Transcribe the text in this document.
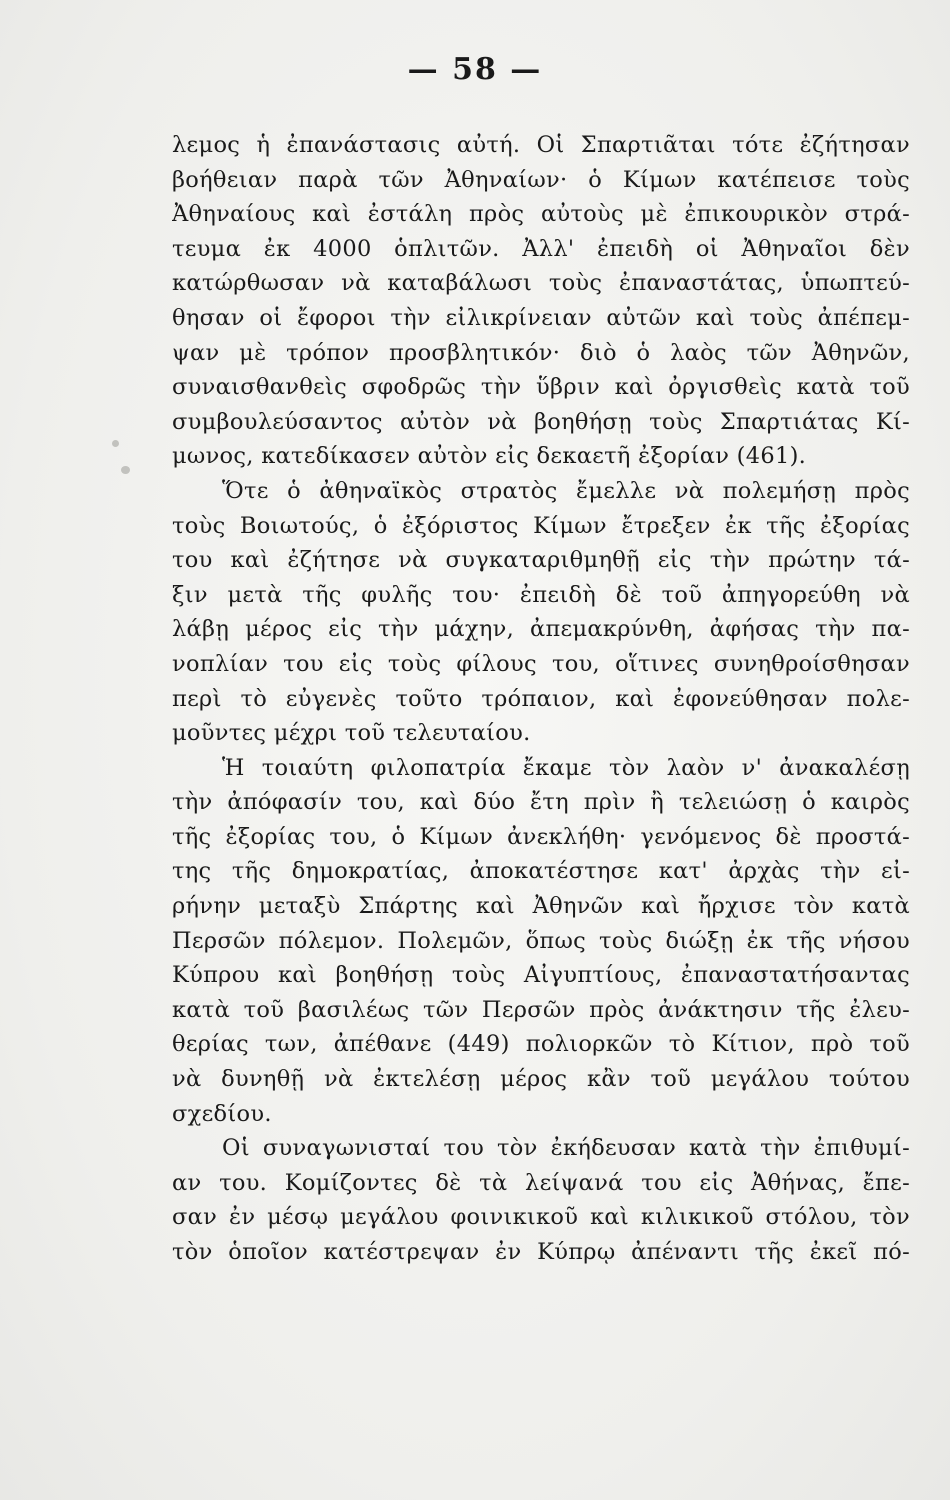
— 58 —
λεμος ἡ ἐπανάστασις αὐτή. Οἱ Σπαρτιᾶται τότε ἐζήτησαν
βοήθειαν παρὰ τῶν Ἀθηναίων· ὁ Κίμων κατέπεισε τοὺς
Ἀθηναίους καὶ ἐστάλη πρὸς αὐτοὺς μὲ ἐπικουρικὸν στρά-
τευμα ἐκ 4000 ὁπλιτῶν. Ἀλλ' ἐπειδὴ οἱ Ἀθηναῖοι δὲν
κατώρθωσαν νὰ καταβάλωσι τοὺς ἐπαναστάτας, ὑπωπτεύ-
θησαν οἱ ἔφοροι τὴν εἰλικρίνειαν αὐτῶν καὶ τοὺς ἀπέπεμ-
ψαν μὲ τρόπον προσβλητικόν· διὸ ὁ λαὸς τῶν Ἀθηνῶν,
συναισθανθεὶς σφοδρῶς τὴν ὕβριν καὶ ὀργισθεὶς κατὰ τοῦ
συμβουλεύσαντος αὐτὸν νὰ βοηθήσῃ τοὺς Σπαρτιάτας Κί-
μωνος, κατεδίκασεν αὐτὸν εἰς δεκαετῆ ἐξορίαν (461).
Ὅτε ὁ ἀθηναϊκὸς στρατὸς ἔμελλε νὰ πολεμήσῃ πρὸς
τοὺς Βοιωτούς, ὁ ἐξόριστος Κίμων ἔτρεξεν ἐκ τῆς ἐξορίας
του καὶ ἐζήτησε νὰ συγκαταριθμηθῇ εἰς τὴν πρώτην τά-
ξιν μετὰ τῆς φυλῆς του· ἐπειδὴ δὲ τοῦ ἀπηγορεύθη νὰ
λάβῃ μέρος εἰς τὴν μάχην, ἀπεμακρύνθη, ἀφήσας τὴν πα-
νοπλίαν του εἰς τοὺς φίλους του, οἵτινες συνηθροίσθησαν
περὶ τὸ εὐγενὲς τοῦτο τρόπαιον, καὶ ἐφονεύθησαν πολε-
μοῦντες μέχρι τοῦ τελευταίου.
Ἡ τοιαύτη φιλοπατρία ἔκαμε τὸν λαὸν ν' ἀνακαλέσῃ
τὴν ἀπόφασίν του, καὶ δύο ἔτη πρὶν ἢ τελειώσῃ ὁ καιρὸς
τῆς ἐξορίας του, ὁ Κίμων ἀνεκλήθη· γενόμενος δὲ προστά-
της τῆς δημοκρατίας, ἀποκατέστησε κατ' ἀρχὰς τὴν εἰ-
ρήνην μεταξὺ Σπάρτης καὶ Ἀθηνῶν καὶ ἤρχισε τὸν κατὰ
Περσῶν πόλεμον. Πολεμῶν, ὅπως τοὺς διώξῃ ἐκ τῆς νήσου
Κύπρου καὶ βοηθήσῃ τοὺς Αἰγυπτίους, ἐπαναστατήσαντας
κατὰ τοῦ βασιλέως τῶν Περσῶν πρὸς ἀνάκτησιν τῆς ἐλευ-
θερίας των, ἀπέθανε (449) πολιορκῶν τὸ Κίτιον, πρὸ τοῦ
νὰ δυνηθῇ νὰ ἐκτελέσῃ μέρος κἂν τοῦ μεγάλου τούτου
σχεδίου.
Οἱ συναγωνισταί του τὸν ἐκήδευσαν κατὰ τὴν ἐπιθυμί-
αν του. Κομίζοντες δὲ τὰ λείψανά του εἰς Ἀθήνας, ἔπε-
σαν ἐν μέσῳ μεγάλου φοινικικοῦ καὶ κιλικικοῦ στόλου, τὸν
τὸν ὁποῖον κατέστρεψαν ἐν Κύπρῳ ἀπέναντι τῆς ἐκεῖ πό-
